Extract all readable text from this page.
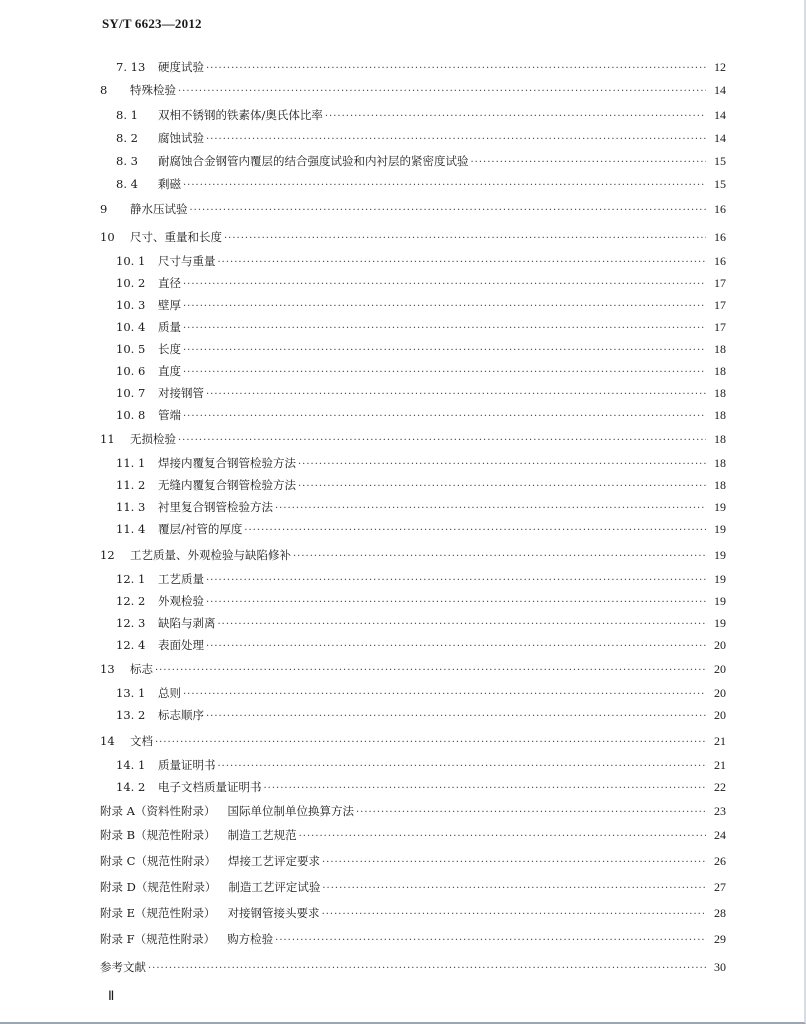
SY/T 6623—2012
7. 13	硬度试验 ·····	12
8	特殊检验 ·····	14
8. 1	双相不锈钢的铁素体/奥氏体比率 ·····	14
8. 2	腐蚀试验 ·····	14
8. 3	耐腐蚀合金钢管内覆层的结合强度试验和内衬层的紧密度试验 ·····	15
8. 4	剩磁 ·····	15
9	静水压试验 ·····	16
10	尺寸、重量和长度 ·····	16
10. 1	尺寸与重量 ·····	16
10. 2	直径 ·····	17
10. 3	壁厚 ·····	17
10. 4	质量 ·····	17
10. 5	长度 ·····	18
10. 6	直度 ·····	18
10. 7	对接钢管 ·····	18
10. 8	管端 ·····	18
11	无损检验 ·····	18
11. 1	焊接内覆复合钢管检验方法 ·····	18
11. 2	无缝内覆复合钢管检验方法 ·····	18
11. 3	衬里复合钢管检验方法 ·····	19
11. 4	覆层/衬管的厚度 ·····	19
12	工艺质量、外观检验与缺陷修补 ·····	19
12. 1	工艺质量 ·····	19
12. 2	外观检验 ·····	19
12. 3	缺陷与剥离 ·····	19
12. 4	表面处理 ·····	20
13	标志 ·····	20
13. 1	总则 ·····	20
13. 2	标志顺序 ·····	20
14	文档 ·····	21
14. 1	质量证明书 ·····	21
14. 2	电子文档质量证明书 ·····	22
附录 A（资料性附录） 国际单位制单位换算方法 ·····	23
附录 B（规范性附录） 制造工艺规范 ·····	24
附录 C（规范性附录） 焊接工艺评定要求 ·····	26
附录 D（规范性附录） 制造工艺评定试验 ·····	27
附录 E（规范性附录） 对接钢管接头要求 ·····	28
附录 F（规范性附录） 购方检验 ·····	29
参考文献 ·····	30
Ⅱ
